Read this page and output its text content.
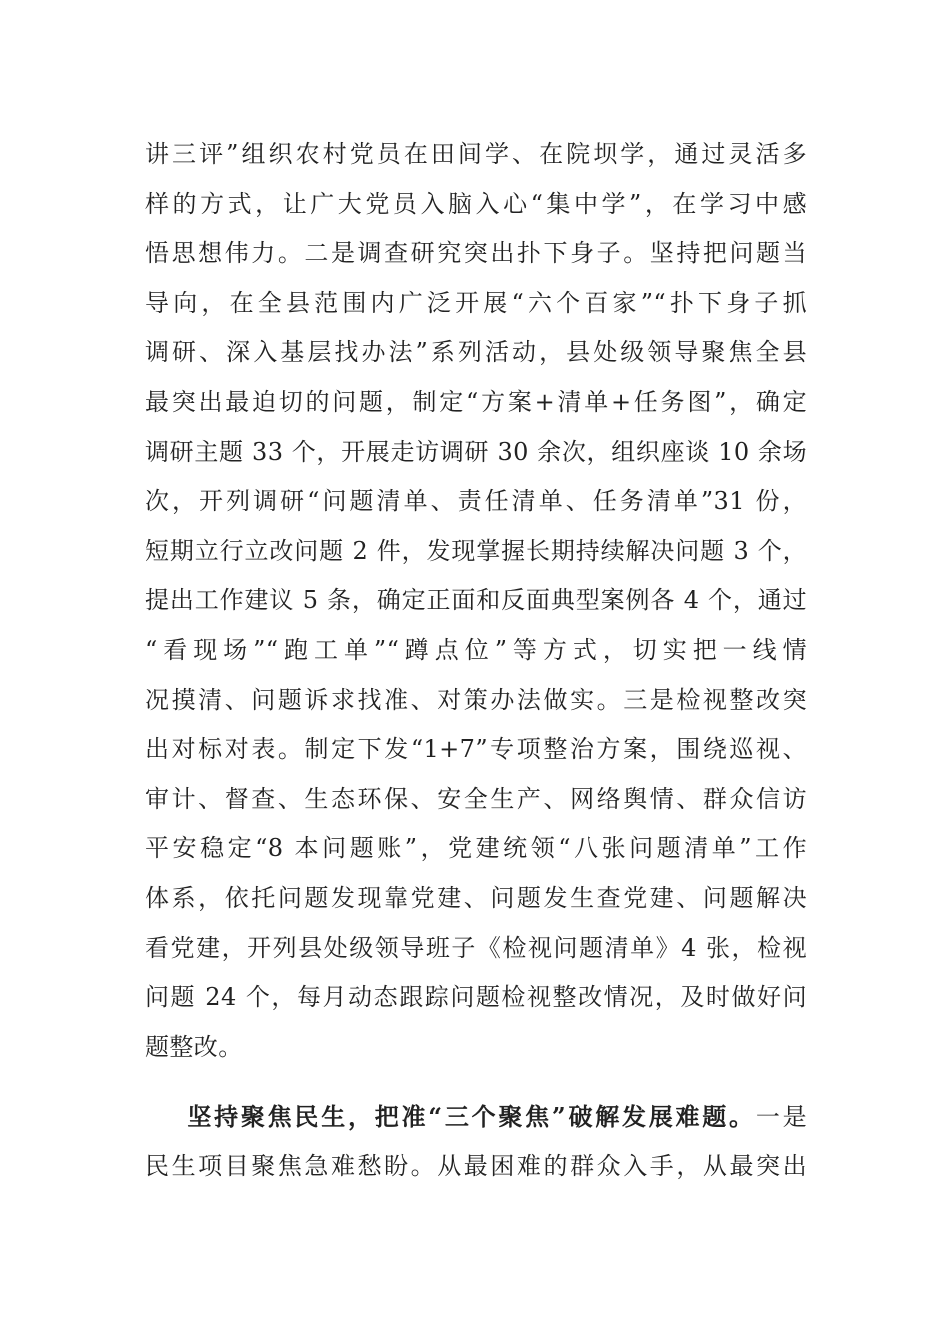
讲三评”组织农村党员在田间学、在院坝学，通过灵活多
样的方式，让广大党员入脑入心“集中学”，在学习中感
悟思想伟力。二是调查研究突出扑下身子。坚持把问题当
导向，在全县范围内广泛开展“六个百家”“扑下身子抓
调研、深入基层找办法”系列活动，县处级领导聚焦全县
最突出最迫切的问题，制定“方案+清单+任务图”，确定
调研主题 33 个，开展走访调研 30 余次，组织座谈 10 余场
次，开列调研“问题清单、责任清单、任务清单”31 份，
短期立行立改问题 2 件，发现掌握长期持续解决问题 3 个，
提出工作建议 5 条，确定正面和反面典型案例各 4 个，通过
“看现场”“跑工单”“蹲点位”等方式，切实把一线情
况摸清、问题诉求找准、对策办法做实。三是检视整改突
出对标对表。制定下发“1+7”专项整治方案，围绕巡视、
审计、督查、生态环保、安全生产、网络舆情、群众信访
平安稳定“8 本问题账”，党建统领“八张问题清单”工作
体系，依托问题发现靠党建、问题发生查党建、问题解决
看党建，开列县处级领导班子《检视问题清单》4 张，检视
问题 24 个，每月动态跟踪问题检视整改情况，及时做好问
题整改。
坚持聚焦民生，把准“三个聚焦”破解发展难题。一是
民生项目聚焦急难愁盼。从最困难的群众入手，从最突出
